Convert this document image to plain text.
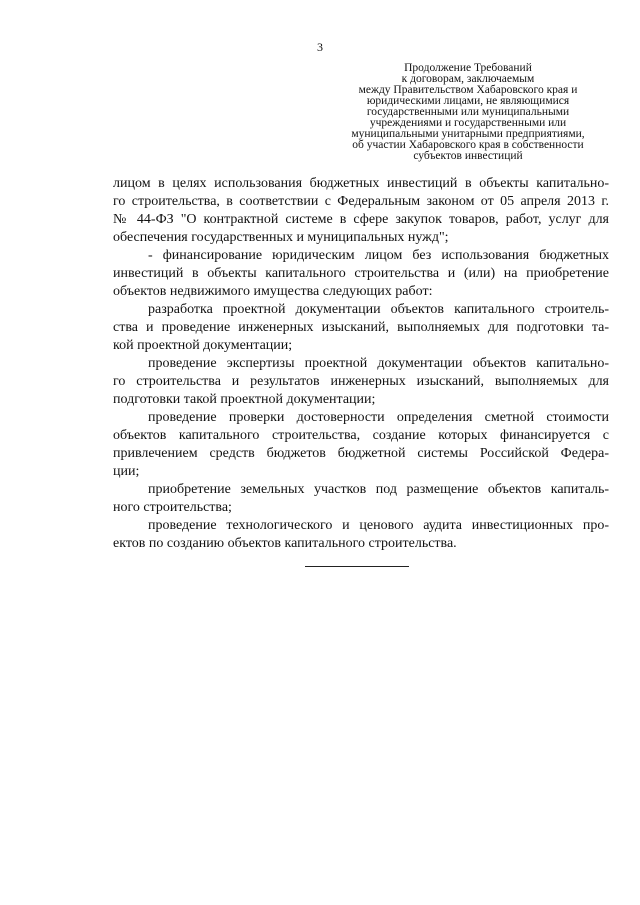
3
Продолжение Требований
к договорам, заключаемым
между Правительством Хабаровского края и
юридическими лицами, не являющимися
государственными или муниципальными
учреждениями и государственными или
муниципальными унитарными предприятиями,
об участии Хабаровского края в собственности
субъектов инвестиций
лицом в целях использования бюджетных инвестиций в объекты капитально-
го строительства, в соответствии с Федеральным законом от 05 апреля 2013 г.
№ 44-ФЗ "О контрактной системе в сфере закупок товаров, работ, услуг для
обеспечения государственных и муниципальных нужд";
- финансирование юридическим лицом без использования бюджетных
инвестиций в объекты капитального строительства и (или) на приобретение
объектов недвижимого имущества следующих работ:
разработка проектной документации объектов капитального строитель-
ства и проведение инженерных изысканий, выполняемых для подготовки та-
кой проектной документации;
проведение экспертизы проектной документации объектов капитально-
го строительства и результатов инженерных изысканий, выполняемых для
подготовки такой проектной документации;
проведение проверки достоверности определения сметной стоимости
объектов капитального строительства, создание которых финансируется с
привлечением средств бюджетов бюджетной системы Российской Федера-
ции;
приобретение земельных участков под размещение объектов капиталь-
ного строительства;
проведение технологического и ценового аудита инвестиционных про-
ектов по созданию объектов капитального строительства.
